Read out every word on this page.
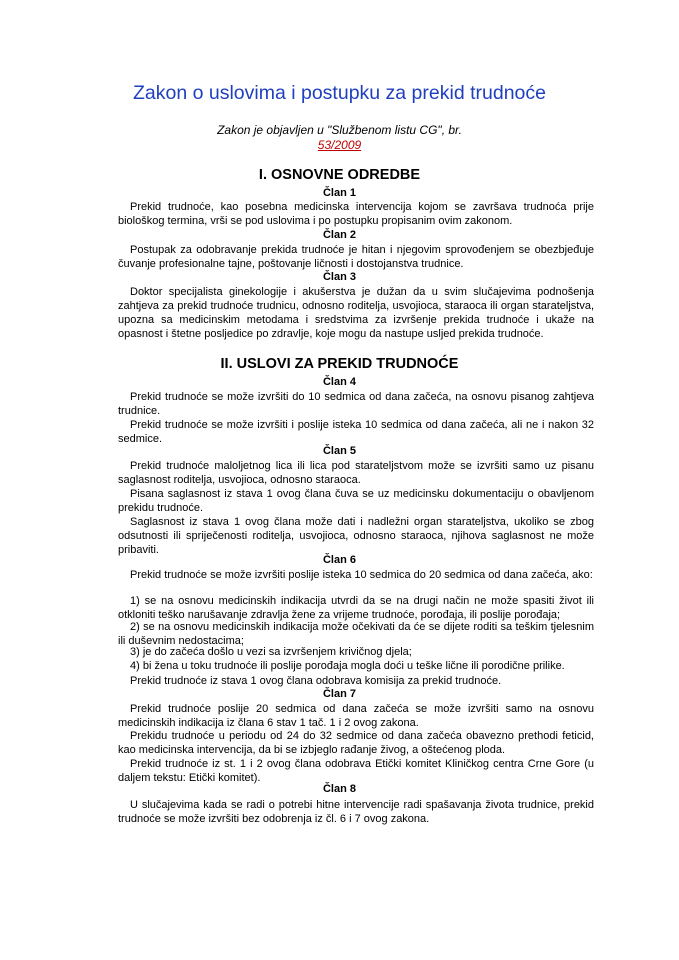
Zakon o uslovima i postupku za prekid trudnoće
Zakon je objavljen u "Službenom listu CG", br.
53/2009
I. OSNOVNE ODREDBE
Član 1
Prekid trudnoće, kao posebna medicinska intervencija kojom se završava trudnoća prije biološkog termina, vrši se pod uslovima i po postupku propisanim ovim zakonom.
Član 2
Postupak za odobravanje prekida trudnoće je hitan i njegovim sprovođenjem se obezbjeđuje čuvanje profesionalne tajne, poštovanje ličnosti i dostojanstva trudnice.
Član 3
Doktor specijalista ginekologije i akušerstva je dužan da u svim slučajevima podnošenja zahtjeva za prekid trudnoće trudnicu, odnosno roditelja, usvojioca, staraoca ili organ starateljstva, upozna sa medicinskim metodama i sredstvima za izvršenje prekida trudnoće i ukaže na opasnost i štetne posljedice po zdravlje, koje mogu da nastupe usljed prekida trudnoće.
II. USLOVI ZA PREKID TRUDNOĆE
Član 4
Prekid trudnoće se može izvršiti do 10 sedmica od dana začeća, na osnovu pisanog zahtjeva trudnice.
Prekid trudnoće se može izvršiti i poslije isteka 10 sedmica od dana začeća, ali ne i nakon 32 sedmice.
Član 5
Prekid trudnoće maloljetnog lica ili lica pod starateljstvom može se izvršiti samo uz pisanu saglasnost roditelja, usvojioca, odnosno staraoca.
Pisana saglasnost iz stava 1 ovog člana čuva se uz medicinsku dokumentaciju o obavljenom prekidu trudnoće.
Saglasnost iz stava 1 ovog člana može dati i nadležni organ starateljstva, ukoliko se zbog odsutnosti ili spriječenosti roditelja, usvojioca, odnosno staraoca, njihova saglasnost ne može pribaviti.
Član 6
Prekid trudnoće se može izvršiti poslije isteka 10 sedmica do 20 sedmica od dana začeća, ako:
1) se na osnovu medicinskih indikacija utvrdi da se na drugi način ne može spasiti život ili otkloniti teško narušavanje zdravlja žene za vrijeme trudnoće, porođaja, ili poslije porođaja;
2) se na osnovu medicinskih indikacija može očekivati da će se dijete roditi sa teškim tjelesnim ili duševnim nedostacima;
3) je do začeća došlo u vezi sa izvršenjem krivičnog djela;
4) bi žena u toku trudnoće ili poslije porođaja mogla doći u teške lične ili porodične prilike.
Prekid trudnoće iz stava 1 ovog člana odobrava komisija za prekid trudnoće.
Član 7
Prekid trudnoće poslije 20 sedmica od dana začeća se može izvršiti samo na osnovu medicinskih indikacija iz člana 6 stav 1 tač. 1 i 2 ovog zakona.
Prekidu trudnoće u periodu od 24 do 32 sedmice od dana začeća obavezno prethodi feticid, kao medicinska intervencija, da bi se izbjeglo rađanje živog, a oštećenog ploda.
Prekid trudnoće iz st. 1 i 2 ovog člana odobrava Etički komitet Kliničkog centra Crne Gore (u daljem tekstu: Etički komitet).
Član 8
U slučajevima kada se radi o potrebi hitne intervencije radi spašavanja života trudnice, prekid trudnoće se može izvršiti bez odobrenja iz čl. 6 i 7 ovog zakona.
